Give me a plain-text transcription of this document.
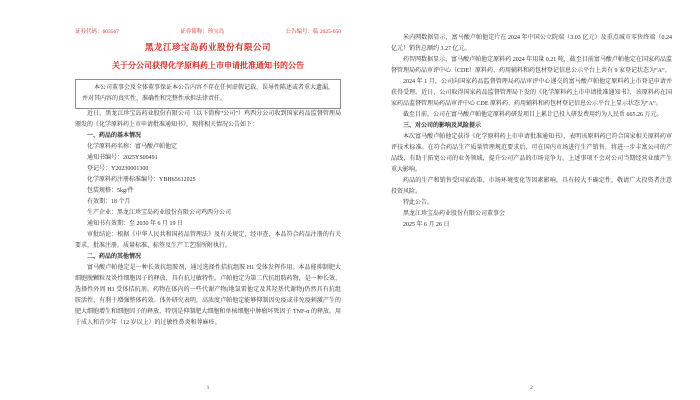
证券代码：603567	证券简称：珍宝岛	公告编号：临 2025-050
黑龙江珍宝岛药业股份有限公司
关于分公司获得化学原料药上市申请批准通知书的公告

本公司董事会及全体董事保证本公告内容不存在任何虚假记载、误导性陈述或者重大遗漏，并对其内容的真实性、准确性和完整性承担法律责任。

近日，黑龙江珍宝岛药业股份有限公司（以下简称“公司”）鸡西分公司收到国家药品监督管理局颁发的《化学原料药上市申请批准通知书》，现将相关情况公告如下：

一、药品的基本情况

化学原料药名称：富马酸卢帕他定

通知书编号：2025YS00491

登记号：Y20230001300

化学原料药注册标准编号：YBH65612025

包装规格：5kg/件

有效期：18 个月

生产企业：黑龙江珍宝岛药业股份有限公司鸡西分公司

通知书有效期：至 2030 年 6 月 19 日

审批结论：根据《中华人民共和国药品管理法》及有关规定，经审查，本品符合药品注册的有关要求，批准注册。质量标准、标签及生产工艺照所附执行。

二、药品的其他情况

富马酸卢帕他定是一种长效抗组胺剂，通过选择性拮抗组胺 H1 受体发挥作用。本品能抑制肥大细胞脱颗粒及炎性细胞因子的释放，具有抗过敏特性。卢帕他定为第二代抗组胺药物，是一种长效、选择性外周 H1 受体拮抗剂。药物在体内的一些代谢产物(地氯雷他定及其羟基代谢物)仍然具有抗组胺活性，有利于增强整体药效。体外研究表明，高浓度卢帕他定能够抑制因免疫或非免疫刺激产生的肥大细胞增生和细胞因子的释放，特别是抑制肥大细胞和单核细胞中肿瘤坏死因子 TNF-α 的释放。用于成人和青少年（12 岁以上）的过敏性鼻炎和荨麻疹。

1

米内网数据显示，富马酸卢帕他定片在 2024 年中国公立院端（3.03 亿元）及重点城市零售终端（0.24 亿元）销售总额约 3.27 亿元。

药智网数据显示，富马酸卢帕他定原料药 2024 年用量 0.21 吨，截至目前富马酸卢帕他定在国家药品监督管理局药品审评中心（CDE）原料药、药用辅料和药包材登记信息公示平台上共有 9 家登记状态为“A”。

2024 年 1 月，公司向国家药品监督管理局药品审评中心递交的富马酸卢帕他定原料药上市登记申请并获得受理。近日，公司取得国家药品监督管理局下发的《化学原料药上市申请批准通知书》，该原料药在国家药品监督管理局药品审评中心 CDE 原料药、药用辅料和药包材登记信息公示平台上显示状态为“A”。

截至目前，公司在富马酸卢帕他定原料药研发项目上累计已投入研发费用约为人民币 665.26 万元。

三、对公司的影响及风险提示

本次富马酸卢帕他定获得《化学原料药上市申请批准通知书》，表明该原料药已符合国家相关原料药审评技术标准。在符合药品生产质量管理规范要求后，可在国内市场进行生产销售，将进一步丰富公司的产品线，有助于拓宽公司的业务领域，提升公司产品的市场竞争力。上述事项不会对公司当期经营业绩产生重大影响。

药品的生产和销售受国家政策、市场环境变化等因素影响，具有较大不确定性，敬请广大投资者注意投资风险。

特此公告。

黑龙江珍宝岛药业股份有限公司董事会

2025 年 6 月 26 日

2
